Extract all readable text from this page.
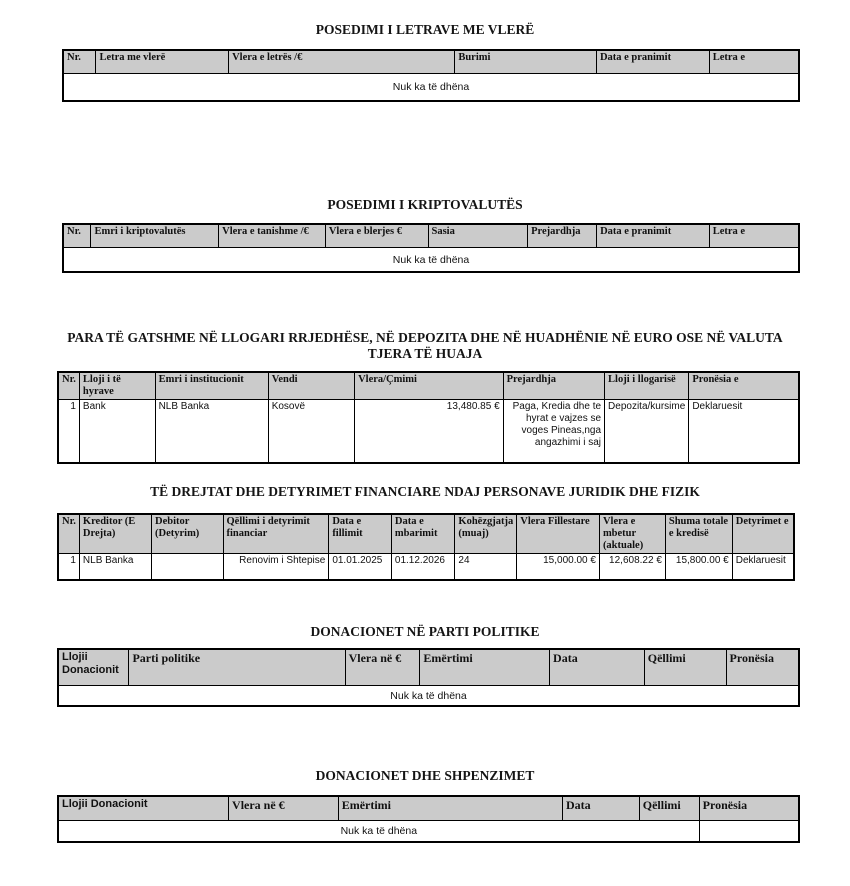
POSEDIMI I LETRAVE ME VLERË
Nr.	Letra me vlerë	Vlera e letrës /€	Burimi	Data e pranimit	Letra e
Nuk ka të dhëna
POSEDIMI I KRIPTOVALUTËS
Nr.	Emri i kriptovalutës	Vlera e tanishme /€	Vlera e blerjes €	Sasia	Prejardhja	Data e pranimit	Letra e
Nuk ka të dhëna
PARA TË GATSHME NË LLOGARI RRJEDHËSE, NË DEPOZITA DHE NË HUADHËNIE NË EURO OSE NË VALUTA TJERA TË HUAJA
Nr.	Lloji i të hyrave	Emri i institucionit	Vendi	Vlera/Çmimi	Prejardhja	Lloji i llogarisë	Pronësia e
1	Bank	NLB Banka	Kosovë	13,480.85 €	Paga, Kredia dhe te hyrat e vajzes se voges Pineas,nga angazhimi i saj	Depozita/kursime	Deklaruesit
TË DREJTAT DHE DETYRIMET FINANCIARE NDAJ PERSONAVE JURIDIK DHE FIZIK
Nr.	Kreditor (E Drejta)	Debitor (Detyrim)	Qëllimi i detyrimit financiar	Data e fillimit	Data e mbarimit	Kohëzgjatja (muaj)	Vlera Fillestare	Vlera e mbetur (aktuale)	Shuma totale e kredisë	Detyrimet e
1	NLB Banka		Renovim i Shtepise	01.01.2025	01.12.2026	24	15,000.00 €	12,608.22 €	15,800.00 €	Deklaruesit
DONACIONET NË PARTI POLITIKE
Llojii Donacionit	Parti politike	Vlera në €	Emërtimi	Data	Qëllimi	Pronësia
Nuk ka të dhëna
DONACIONET DHE SHPENZIMET
Llojii Donacionit	Vlera në €	Emërtimi	Data	Qëllimi	Pronësia
Nuk ka të dhëna					
